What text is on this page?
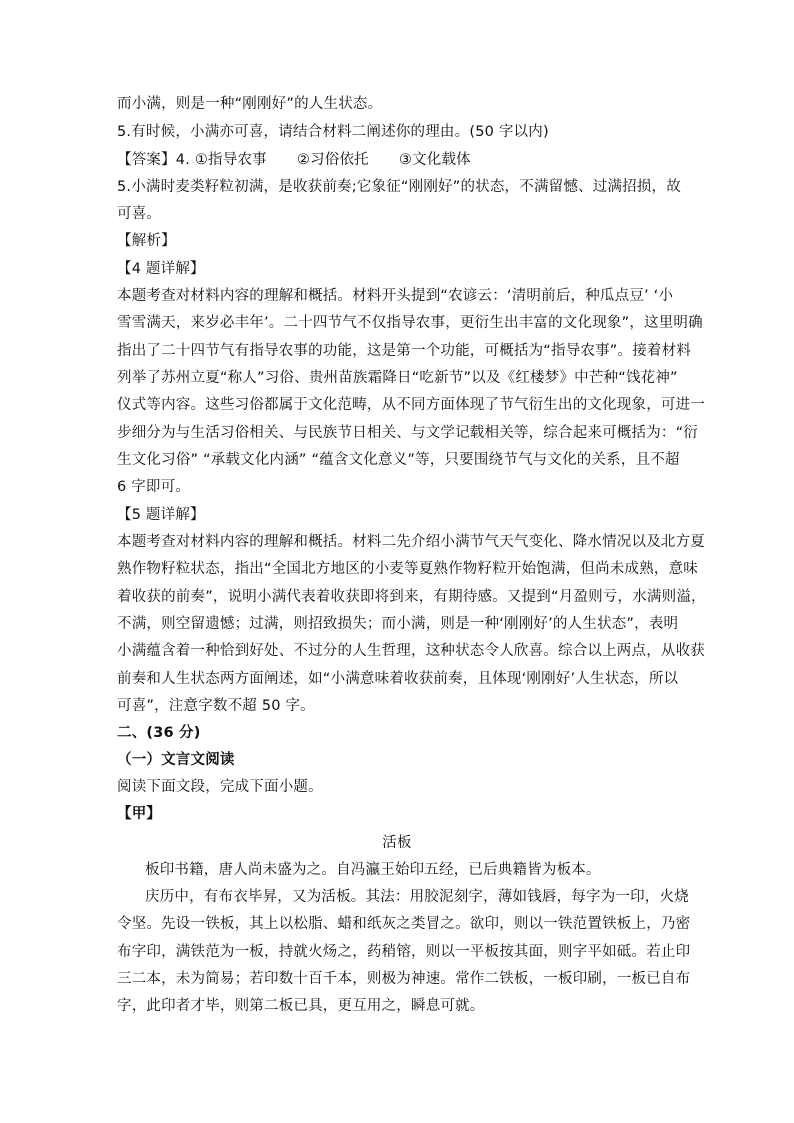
而小满，则是一种“刚刚好”的人生状态。
5.有时候，小满亦可喜，请结合材料二阐述你的理由。(50 字以内)
【答案】4. ①指导农事 ②习俗依托 ③文化载体
5.小满时麦类籽粒初满，是收获前奏;它象征“刚刚好”的状态，不满留憾、过满招损，故
可喜。
【解析】
【4 题详解】
本题考查对材料内容的理解和概括。材料开头提到“农谚云：‘清明前后，种瓜点豆’ ‘小
雪雪满天，来岁必丰年’。二十四节气不仅指导农事，更衍生出丰富的文化现象”，这里明确
指出了二十四节气有指导农事的功能，这是第一个功能，可概括为“指导农事”。接着材料
列举了苏州立夏“称人”习俗、贵州苗族霜降日“吃新节”以及《红楼梦》中芒种“饯花神”
仪式等内容。这些习俗都属于文化范畴，从不同方面体现了节气衍生出的文化现象，可进一
步细分为与生活习俗相关、与民族节日相关、与文学记载相关等，综合起来可概括为：“衍
生文化习俗” “承载文化内涵” “蕴含文化意义”等，只要围绕节气与文化的关系，且不超
6 字即可。
【5 题详解】
本题考查对材料内容的理解和概括。材料二先介绍小满节气天气变化、降水情况以及北方夏
熟作物籽粒状态，指出“全国北方地区的小麦等夏熟作物籽粒开始饱满，但尚未成熟，意味
着收获的前奏”，说明小满代表着收获即将到来，有期待感。又提到“月盈则亏，水满则溢，
不满，则空留遗憾；过满，则招致损失；而小满，则是一种‘刚刚好’的人生状态”，表明
小满蕴含着一种恰到好处、不过分的人生哲理，这种状态令人欣喜。综合以上两点，从收获
前奏和人生状态两方面阐述，如“小满意味着收获前奏，且体现‘刚刚好’人生状态，所以
可喜”，注意字数不超 50 字。
二、(36 分)
（一）文言文阅读
阅读下面文段，完成下面小题。
【甲】
活板
板印书籍，唐人尚未盛为之。自冯瀛王始印五经，已后典籍皆为板本。
庆历中，有布衣毕昇，又为活板。其法：用胶泥刻字，薄如钱唇，每字为一印，火烧
令坚。先设一铁板，其上以松脂、蜡和纸灰之类冒之。欲印，则以一铁范置铁板上，乃密
布字印，满铁范为一板，持就火炀之，药稍镕，则以一平板按其面，则字平如砥。若止印
三二本，未为简易；若印数十百千本，则极为神速。常作二铁板，一板印刷，一板已自布
字，此印者才毕，则第二板已具，更互用之，瞬息可就。
